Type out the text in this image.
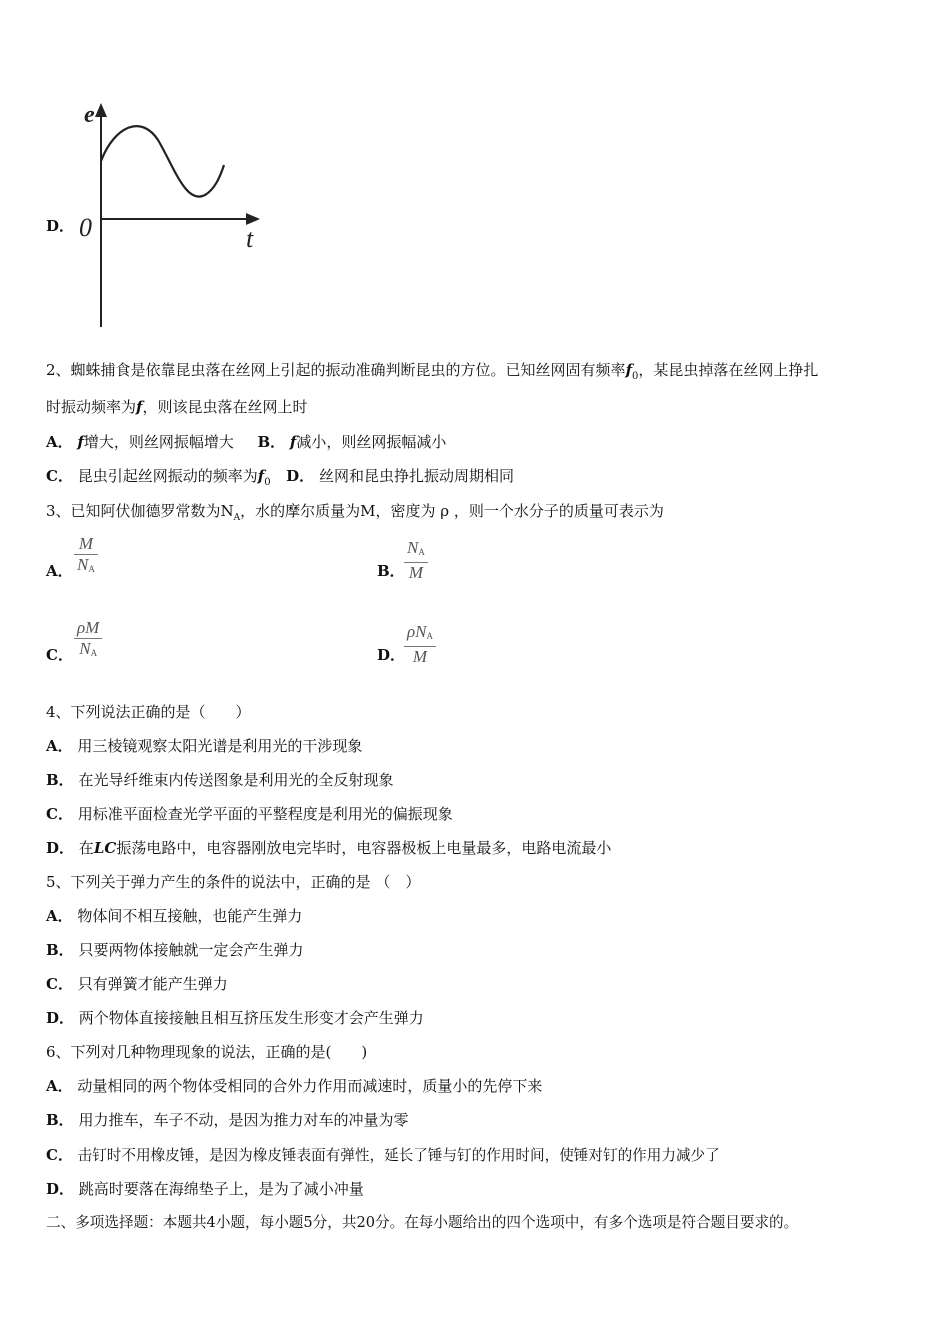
D．
e
t
0
2、蜘蛛捕食是依靠昆虫落在丝网上引起的振动准确判断昆虫的方位。已知丝网固有频率$f_0$，某昆虫掉落在丝网上挣扎
时振动频率为f，则该昆虫落在丝网上时
A． f增大，则丝网振幅增大 B． f减小，则丝网振幅减小
C． 昆虫引起丝网振动的频率为$f_0$ D． 丝网和昆虫挣扎振动周期相同
3、已知阿伏伽德罗常数为$N_A$，水的摩尔质量为M，密度为 ρ ，则一个水分子的质量可表示为
A． $\frac{M}{N_A}$	B． $\frac{N_A}{M}$
C． $\frac{\rho M}{N_A}$	D．
$\rho N_A$
M
4、下列说法正确的是（　　）
A． 用三棱镜观察太阳光谱是利用光的干涉现象
B． 在光导纤维束内传送图象是利用光的全反射现象
C． 用标准平面检查光学平面的平整程度是利用光的偏振现象
D． 在LC振荡电路中，电容器刚放电完毕时，电容器极板上电量最多，电路电流最小
5、下列关于弹力产生的条件的说法中，正确的是 （　）
A． 物体间不相互接触，也能产生弹力
B． 只要两物体接触就一定会产生弹力
C． 只有弹簧才能产生弹力
D． 两个物体直接接触且相互挤压发生形变才会产生弹力
6、下列对几种物理现象的说法，正确的是(　　)
A． 动量相同的两个物体受相同的合外力作用而减速时，质量小的先停下来
B． 用力推车，车子不动，是因为推力对车的冲量为零
C． 击钉时不用橡皮锤，是因为橡皮锤表面有弹性，延长了锤与钉的作用时间，使锤对钉的作用力减少了
D． 跳高时要落在海绵垫子上，是为了减小冲量
二、多项选择题：本题共4小题，每小题5分，共20分。在每小题给出的四个选项中，有多个选项是符合题目要求的。
